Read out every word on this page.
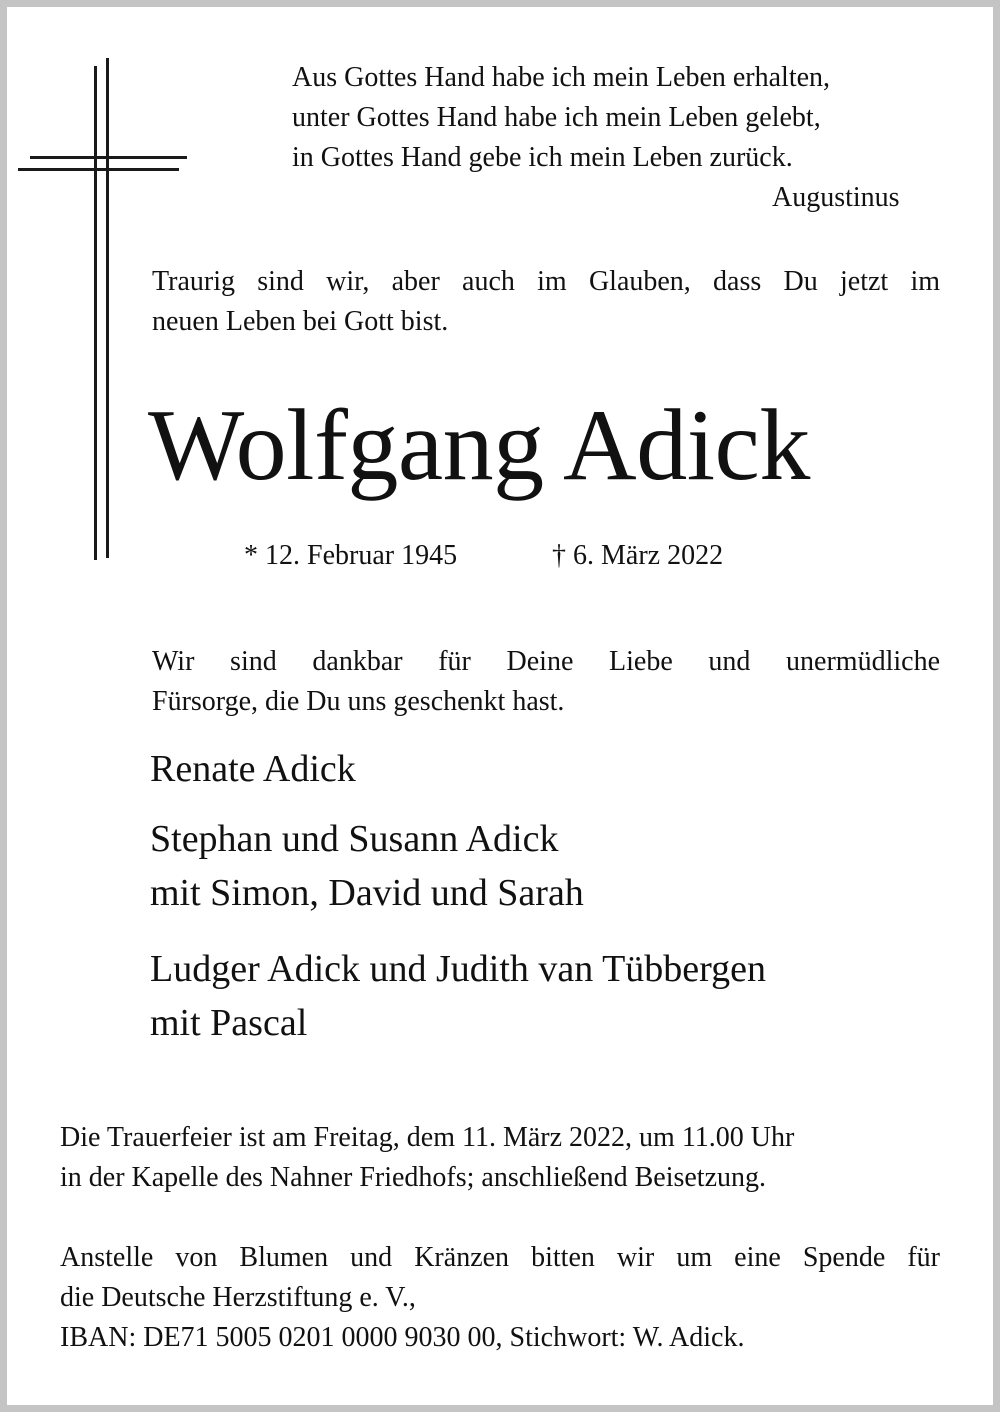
Aus Gottes Hand habe ich mein Leben erhalten,
unter Gottes Hand habe ich mein Leben gelebt,
in Gottes Hand gebe ich mein Leben zurück.
Augustinus
Traurig sind wir, aber auch im Glauben, dass Du jetzt im
neuen Leben bei Gott bist.
Wolfgang Adick
* 12. Februar 1945	† 6. März 2022
Wir sind dankbar für Deine Liebe und unermüdliche
Fürsorge, die Du uns geschenkt hast.
Renate Adick
Stephan und Susann Adick
mit Simon, David und Sarah
Ludger Adick und Judith van Tübbergen
mit Pascal
Die Trauerfeier ist am Freitag, dem 11. März 2022, um 11.00 Uhr
in der Kapelle des Nahner Friedhofs; anschließend Beisetzung.
Anstelle von Blumen und Kränzen bitten wir um eine Spende für
die Deutsche Herzstiftung e. V.,
IBAN: DE71 5005 0201 0000 9030 00, Stichwort: W. Adick.
